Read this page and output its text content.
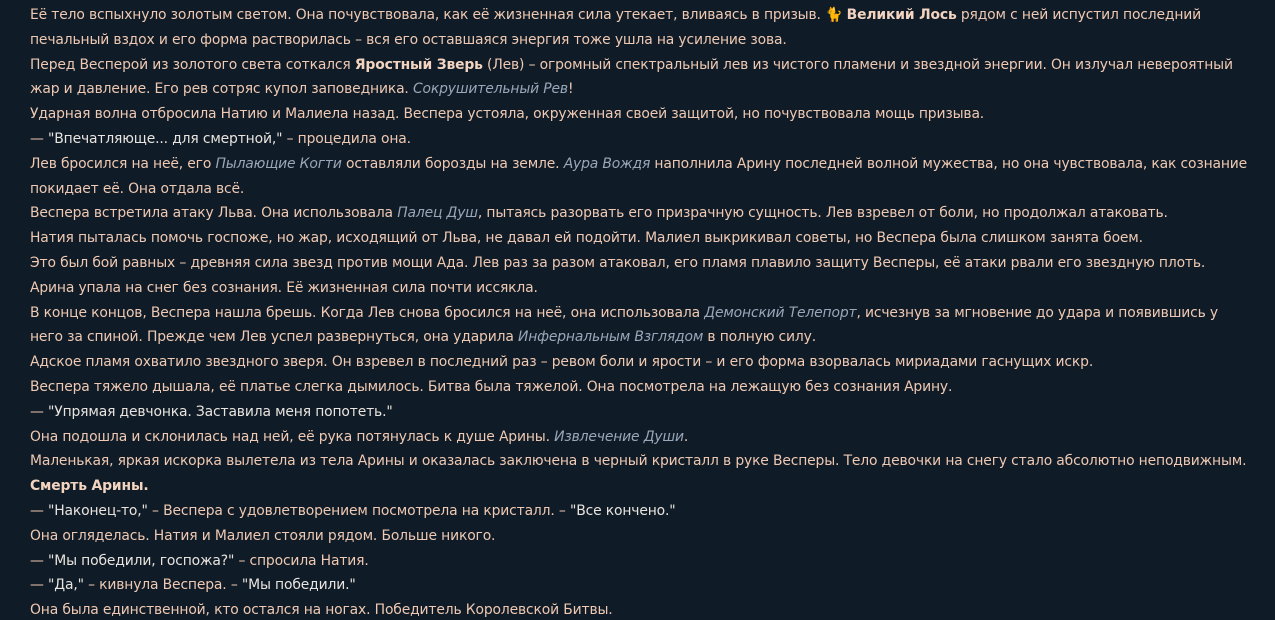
Её тело вспыхнуло золотым светом. Она почувствовала, как её жизненная сила утекает, вливаясь в призыв. 🐈 Великий Лось рядом с ней испустил последний печальный вздох и его форма растворилась – вся его оставшаяся энергия тоже ушла на усиление зова.

Перед Весперой из золотого света соткался Яростный Зверь (Лев) – огромный спектральный лев из чистого пламени и звездной энергии. Он излучал невероятный жар и давление. Его рев сотряс купол заповедника. Сокрушительный Рев!

Ударная волна отбросила Натию и Малиела назад. Веспера устояла, окруженная своей защитой, но почувствовала мощь призыва.

— "Впечатляюще... для смертной," – процедила она.

Лев бросился на неё, его Пылающие Когти оставляли борозды на земле. Аура Вождя наполнила Арину последней волной мужества, но она чувствовала, как сознание покидает её. Она отдала всё.

Веспера встретила атаку Льва. Она использовала Палец Душ, пытаясь разорвать его призрачную сущность. Лев взревел от боли, но продолжал атаковать.

Натия пыталась помочь госпоже, но жар, исходящий от Льва, не давал ей подойти. Малиел выкрикивал советы, но Веспера была слишком занята боем.

Это был бой равных – древняя сила звезд против мощи Ада. Лев раз за разом атаковал, его пламя плавило защиту Весперы, её атаки рвали его звездную плоть.

Арина упала на снег без сознания. Её жизненная сила почти иссякла.

В конце концов, Веспера нашла брешь. Когда Лев снова бросился на неё, она использовала Демонский Телепорт, исчезнув за мгновение до удара и появившись у него за спиной. Прежде чем Лев успел развернуться, она ударила Инфернальным Взглядом в полную силу.

Адское пламя охватило звездного зверя. Он взревел в последний раз – ревом боли и ярости – и его форма взорвалась мириадами гаснущих искр.

Веспера тяжело дышала, её платье слегка дымилось. Битва была тяжелой. Она посмотрела на лежащую без сознания Арину.

— "Упрямая девчонка. Заставила меня попотеть."

Она подошла и склонилась над ней, её рука потянулась к душе Арины. Извлечение Души.

Маленькая, яркая искорка вылетела из тела Арины и оказалась заключена в черный кристалл в руке Весперы. Тело девочки на снегу стало абсолютно неподвижным. Смерть Арины.

— "Наконец-то," – Веспера с удовлетворением посмотрела на кристалл. – "Все кончено."

Она огляделась. Натия и Малиел стояли рядом. Больше никого.

— "Мы победили, госпожа?" – спросила Натия.

— "Да," – кивнула Веспера. – "Мы победили."

Она была единственной, кто остался на ногах. Победитель Королевской Битвы.
